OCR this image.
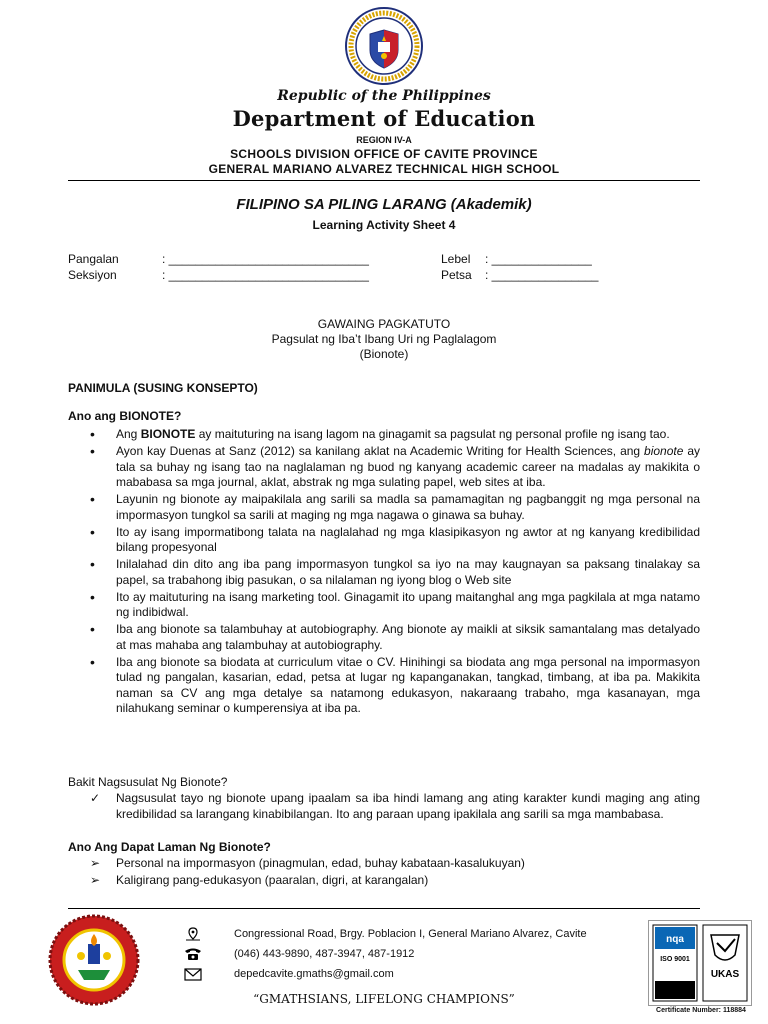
Republic of the Philippines
Department of Education
REGION IV-A
SCHOOLS DIVISION OFFICE OF CAVITE PROVINCE
GENERAL MARIANO ALVAREZ TECHNICAL HIGH SCHOOL
FILIPINO SA PILING LARANG (Akademik)
Learning Activity Sheet 4
Pangalan	: ______________________________
Seksiyon	: ______________________________
Lebel : _______________
Petsa : ________________
GAWAING PAGKATUTO
Pagsulat ng Iba’t Ibang Uri ng Paglalagom
(Bionote)
PANIMULA (SUSING KONSEPTO)
Ano ang BIONOTE?
•
Ang BIONOTE ay maituturing na isang lagom na ginagamit sa pagsulat ng personal profile ng isang tao.
•
Ayon kay Duenas at Sanz (2012) sa kanilang aklat na Academic Writing for Health Sciences, ang bionote ay tala sa buhay ng isang tao na naglalaman ng buod ng kanyang academic career na madalas ay makikita o mababasa sa mga journal, aklat, abstrak ng mga sulating papel, web sites at iba.
•
Layunin ng bionote ay maipakilala ang sarili sa madla sa pamamagitan ng pagbanggit ng mga personal na impormasyon tungkol sa sarili at maging ng mga nagawa o ginawa sa buhay.
•
Ito ay isang impormatibong talata na naglalahad ng mga klasipikasyon ng awtor at ng kanyang kredibilidad bilang propesyonal
•
Inilalahad din dito ang iba pang impormasyon tungkol sa iyo na may kaugnayan sa paksang tinalakay sa papel, sa trabahong ibig pasukan, o sa nilalaman ng iyong blog o Web site
•
Ito ay maituturing na isang marketing tool. Ginagamit ito upang maitanghal ang mga pagkilala at mga natamo ng indibidwal.
•
Iba ang bionote sa talambuhay at autobiography. Ang bionote ay maikli at siksik samantalang mas detalyado at mas mahaba ang talambuhay at autobiography.
•
Iba ang bionote sa biodata at curriculum vitae o CV. Hinihingi sa biodata ang mga personal na impormasyon tulad ng pangalan, kasarian, edad, petsa at lugar ng kapanganakan, tangkad, timbang, at iba pa. Makikita naman sa CV ang mga detalye sa natamong edukasyon, nakaraang trabaho, mga kasanayan, mga nilahukang seminar o kumperensiya at iba pa.
Bakit Nagsusulat Ng Bionote?
✓
Nagsusulat tayo ng bionote upang ipaalam sa iba hindi lamang ang ating karakter kundi maging ang ating kredibilidad sa larangang kinabibilangan. Ito ang paraan upang ipakilala ang sarili sa mga mambabasa.
Ano Ang Dapat Laman Ng Bionote?
➢
Personal na impormasyon (pinagmulan, edad, buhay kabataan-kasalukuyan)
➢
Kaligirang pang-edukasyon (paaralan, digri, at karangalan)
Congressional Road, Brgy. Poblacion I, General Mariano Alvarez, Cavite
(046) 443-9890, 487-3947, 487-1912
depedcavite.gmaths@gmail.com
“GMATHSIANS, LIFELONG CHAMPIONS”
nqa
ISO 9001
UKAS
Certificate Number: 118884
